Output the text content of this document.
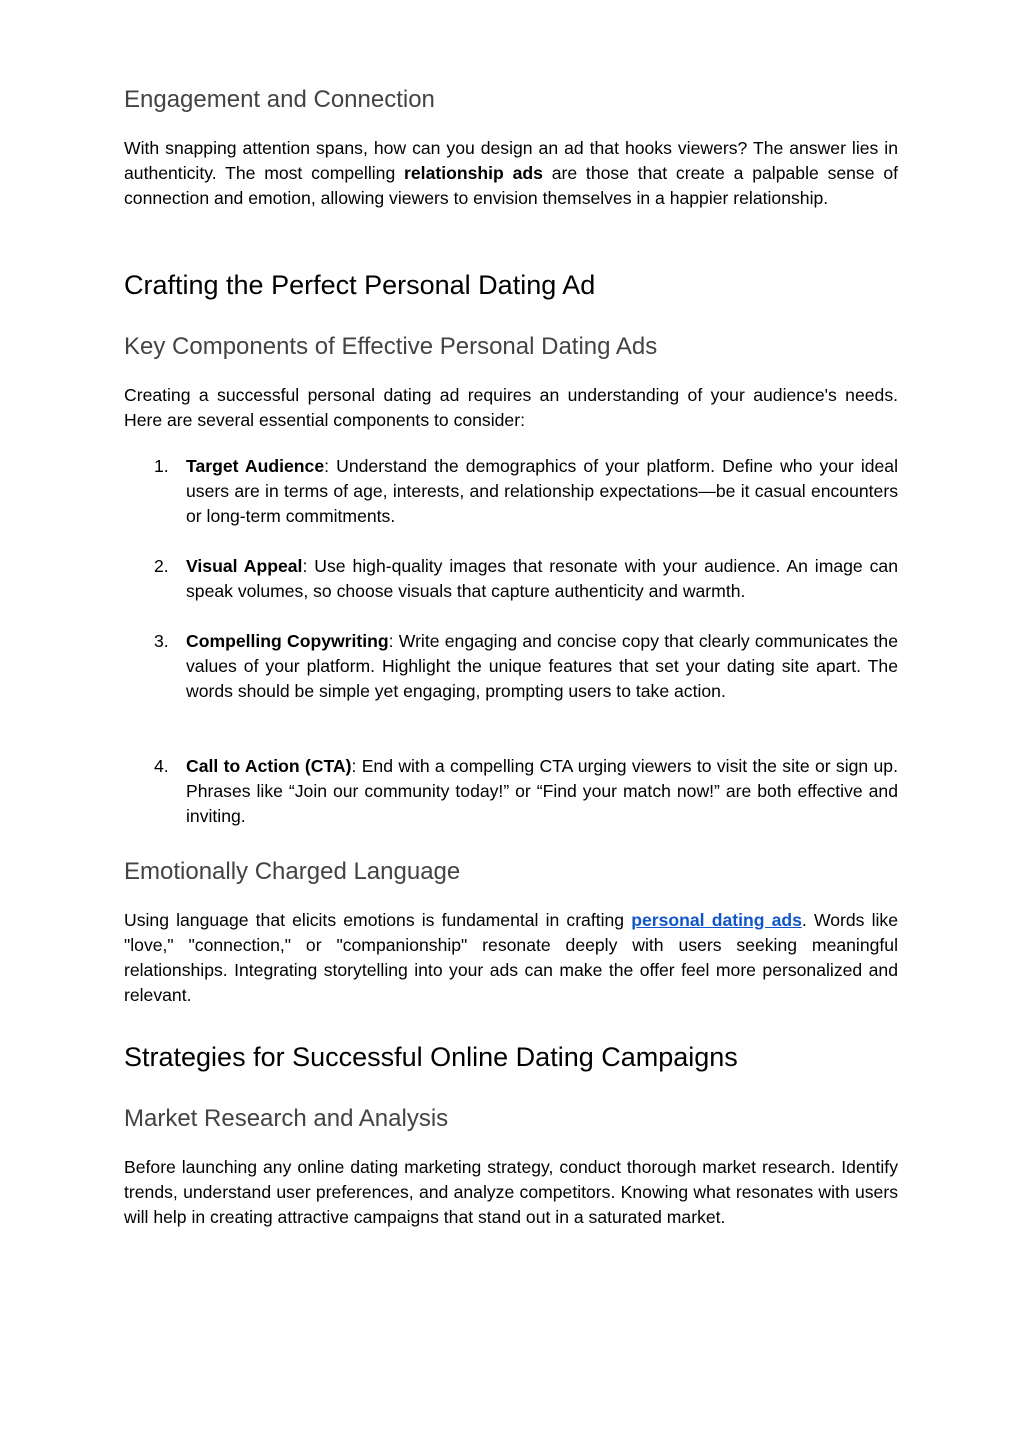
Engagement and Connection

With snapping attention spans, how can you design an ad that hooks viewers? The answer lies in authenticity. The most compelling relationship ads are those that create a palpable sense of connection and emotion, allowing viewers to envision themselves in a happier relationship.

Crafting the Perfect Personal Dating Ad
Key Components of Effective Personal Dating Ads

Creating a successful personal dating ad requires an understanding of your audience's needs. Here are several essential components to consider:

1. Target Audience: Understand the demographics of your platform. Define who your ideal users are in terms of age, interests, and relationship expectations—be it casual encounters or long-term commitments.

2. Visual Appeal: Use high-quality images that resonate with your audience. An image can speak volumes, so choose visuals that capture authenticity and warmth.

3. Compelling Copywriting: Write engaging and concise copy that clearly communicates the values of your platform. Highlight the unique features that set your dating site apart. The words should be simple yet engaging, prompting users to take action.

4. Call to Action (CTA): End with a compelling CTA urging viewers to visit the site or sign up. Phrases like “Join our community today!” or “Find your match now!” are both effective and inviting.

Emotionally Charged Language

Using language that elicits emotions is fundamental in crafting personal dating ads. Words like "love," "connection," or "companionship" resonate deeply with users seeking meaningful relationships. Integrating storytelling into your ads can make the offer feel more personalized and relevant.

Strategies for Successful Online Dating Campaigns
Market Research and Analysis

Before launching any online dating marketing strategy, conduct thorough market research. Identify trends, understand user preferences, and analyze competitors. Knowing what resonates with users will help in creating attractive campaigns that stand out in a saturated market.
